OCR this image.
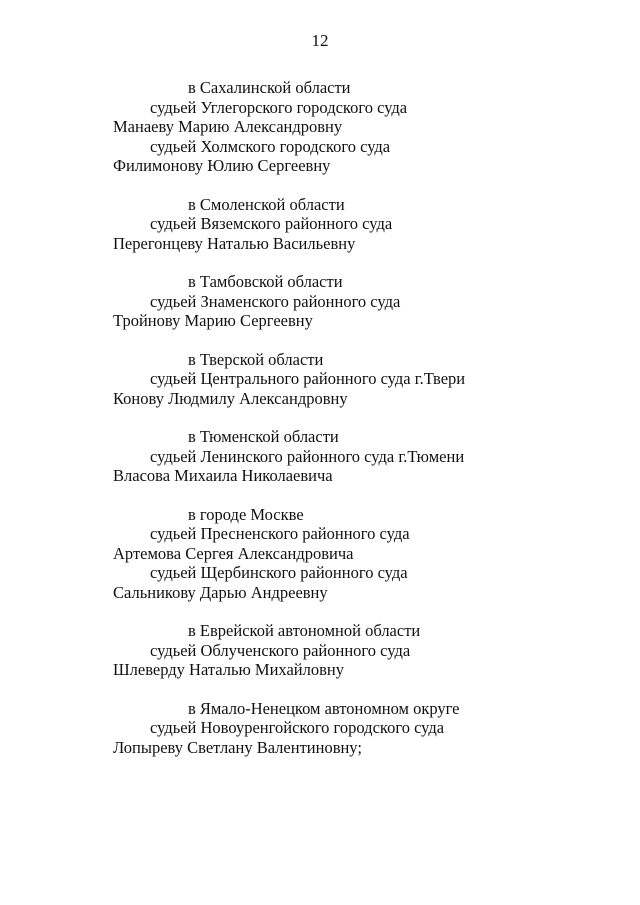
12
в Сахалинской области
судьей Углегорского городского суда
Манаеву Марию Александровну
судьей Холмского городского суда
Филимонову Юлию Сергеевну
в Смоленской области
судьей Вяземского районного суда
Перегонцеву Наталью Васильевну
в Тамбовской области
судьей Знаменского районного суда
Тройнову Марию Сергеевну
в Тверской области
судьей Центрального районного суда г.Твери
Конову Людмилу Александровну
в Тюменской области
судьей Ленинского районного суда г.Тюмени
Власова Михаила Николаевича
в городе Москве
судьей Пресненского районного суда
Артемова Сергея Александровича
судьей Щербинского районного суда
Сальникову Дарью Андреевну
в Еврейской автономной области
судьей Облученского районного суда
Шлеверду Наталью Михайловну
в Ямало-Ненецком автономном округе
судьей Новоуренгойского городского суда
Лопыреву Светлану Валентиновну;
